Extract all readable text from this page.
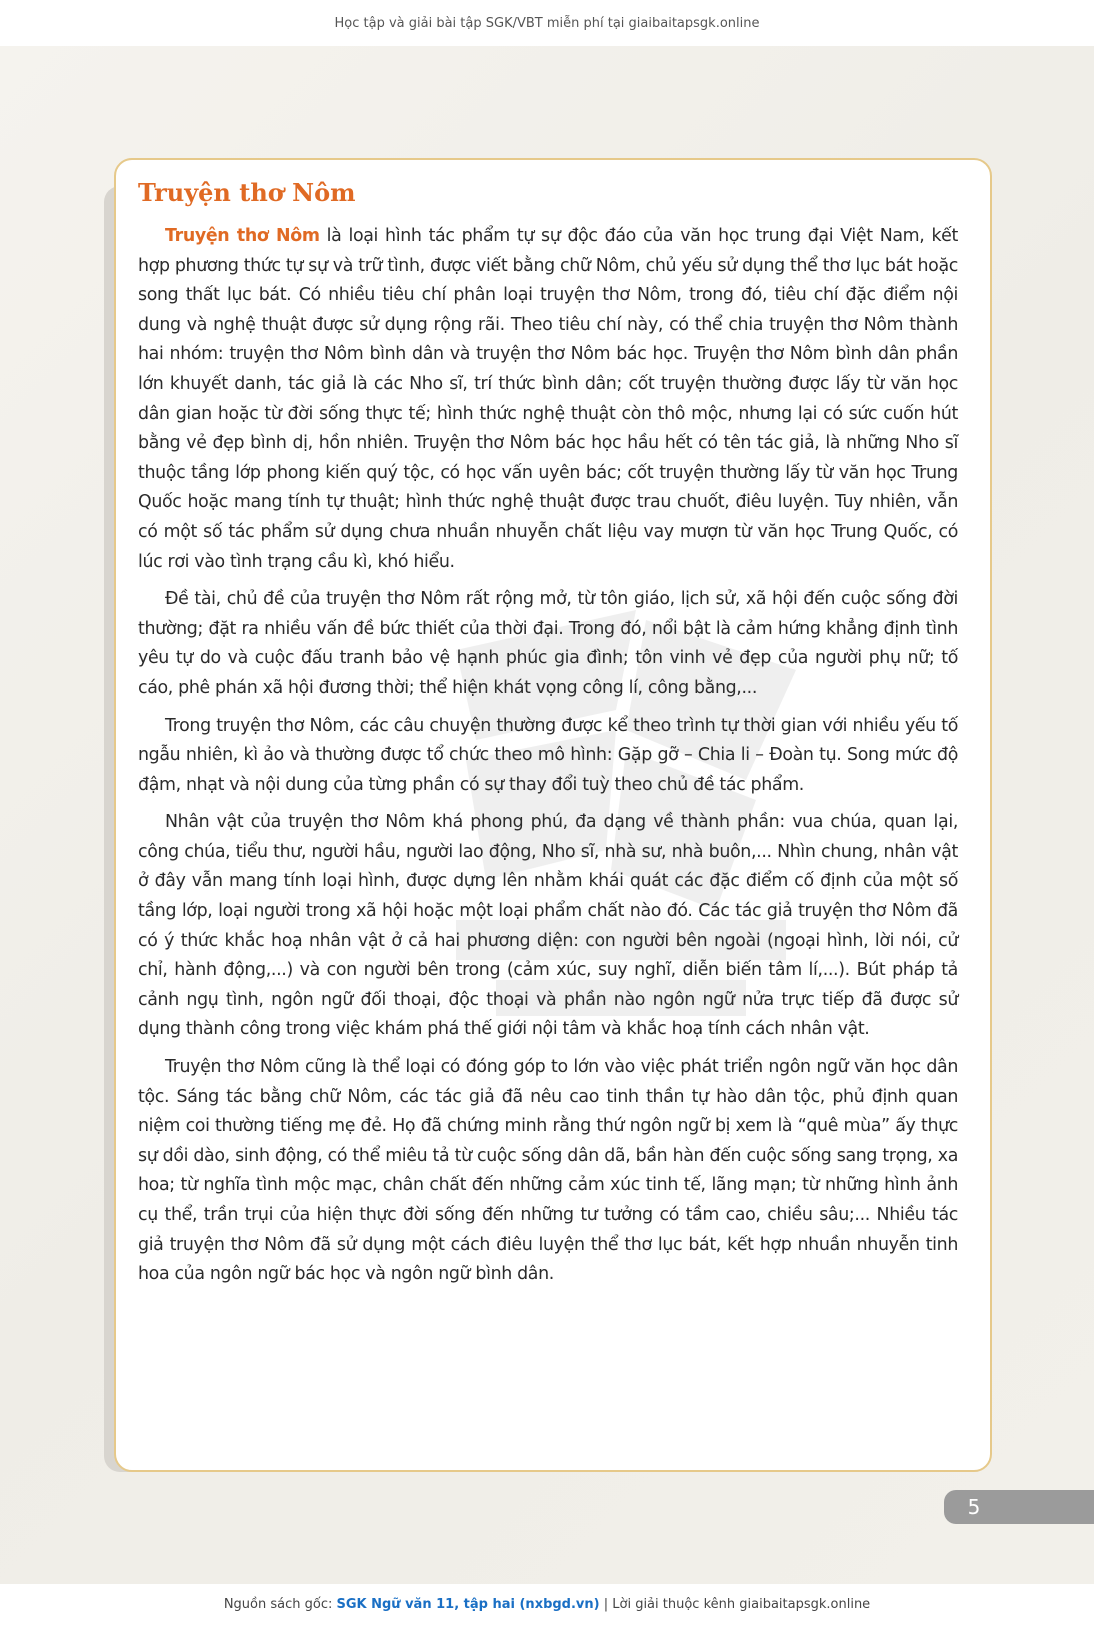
Học tập và giải bài tập SGK/VBT miễn phí tại giaibaitapsgk.online
Truyện thơ Nôm

Truyện thơ Nôm là loại hình tác phẩm tự sự độc đáo của văn học trung đại Việt Nam, kết hợp phương thức tự sự và trữ tình, được viết bằng chữ Nôm, chủ yếu sử dụng thể thơ lục bát hoặc song thất lục bát. Có nhiều tiêu chí phân loại truyện thơ Nôm, trong đó, tiêu chí đặc điểm nội dung và nghệ thuật được sử dụng rộng rãi. Theo tiêu chí này, có thể chia truyện thơ Nôm thành hai nhóm: truyện thơ Nôm bình dân và truyện thơ Nôm bác học. Truyện thơ Nôm bình dân phần lớn khuyết danh, tác giả là các Nho sĩ, trí thức bình dân; cốt truyện thường được lấy từ văn học dân gian hoặc từ đời sống thực tế; hình thức nghệ thuật còn thô mộc, nhưng lại có sức cuốn hút bằng vẻ đẹp bình dị, hồn nhiên. Truyện thơ Nôm bác học hầu hết có tên tác giả, là những Nho sĩ thuộc tầng lớp phong kiến quý tộc, có học vấn uyên bác; cốt truyện thường lấy từ văn học Trung Quốc hoặc mang tính tự thuật; hình thức nghệ thuật được trau chuốt, điêu luyện. Tuy nhiên, vẫn có một số tác phẩm sử dụng chưa nhuần nhuyễn chất liệu vay mượn từ văn học Trung Quốc, có lúc rơi vào tình trạng cầu kì, khó hiểu.

Đề tài, chủ đề của truyện thơ Nôm rất rộng mở, từ tôn giáo, lịch sử, xã hội đến cuộc sống đời thường; đặt ra nhiều vấn đề bức thiết của thời đại. Trong đó, nổi bật là cảm hứng khẳng định tình yêu tự do và cuộc đấu tranh bảo vệ hạnh phúc gia đình; tôn vinh vẻ đẹp của người phụ nữ; tố cáo, phê phán xã hội đương thời; thể hiện khát vọng công lí, công bằng,...

Trong truyện thơ Nôm, các câu chuyện thường được kể theo trình tự thời gian với nhiều yếu tố ngẫu nhiên, kì ảo và thường được tổ chức theo mô hình: Gặp gỡ – Chia li – Đoàn tụ. Song mức độ đậm, nhạt và nội dung của từng phần có sự thay đổi tuỳ theo chủ đề tác phẩm.

Nhân vật của truyện thơ Nôm khá phong phú, đa dạng về thành phần: vua chúa, quan lại, công chúa, tiểu thư, người hầu, người lao động, Nho sĩ, nhà sư, nhà buôn,... Nhìn chung, nhân vật ở đây vẫn mang tính loại hình, được dựng lên nhằm khái quát các đặc điểm cố định của một số tầng lớp, loại người trong xã hội hoặc một loại phẩm chất nào đó. Các tác giả truyện thơ Nôm đã có ý thức khắc hoạ nhân vật ở cả hai phương diện: con người bên ngoài (ngoại hình, lời nói, cử chỉ, hành động,...) và con người bên trong (cảm xúc, suy nghĩ, diễn biến tâm lí,...). Bút pháp tả cảnh ngụ tình, ngôn ngữ đối thoại, độc thoại và phần nào ngôn ngữ nửa trực tiếp đã được sử dụng thành công trong việc khám phá thế giới nội tâm và khắc hoạ tính cách nhân vật.

Truyện thơ Nôm cũng là thể loại có đóng góp to lớn vào việc phát triển ngôn ngữ văn học dân tộc. Sáng tác bằng chữ Nôm, các tác giả đã nêu cao tinh thần tự hào dân tộc, phủ định quan niệm coi thường tiếng mẹ đẻ. Họ đã chứng minh rằng thứ ngôn ngữ bị xem là “quê mùa” ấy thực sự dồi dào, sinh động, có thể miêu tả từ cuộc sống dân dã, bần hàn đến cuộc sống sang trọng, xa hoa; từ nghĩa tình mộc mạc, chân chất đến những cảm xúc tinh tế, lãng mạn; từ những hình ảnh cụ thể, trần trụi của hiện thực đời sống đến những tư tưởng có tầm cao, chiều sâu;... Nhiều tác giả truyện thơ Nôm đã sử dụng một cách điêu luyện thể thơ lục bát, kết hợp nhuần nhuyễn tinh hoa của ngôn ngữ bác học và ngôn ngữ bình dân.

5
Nguồn sách gốc: SGK Ngữ văn 11, tập hai (nxbgd.vn) | Lời giải thuộc kênh giaibaitapsgk.online
